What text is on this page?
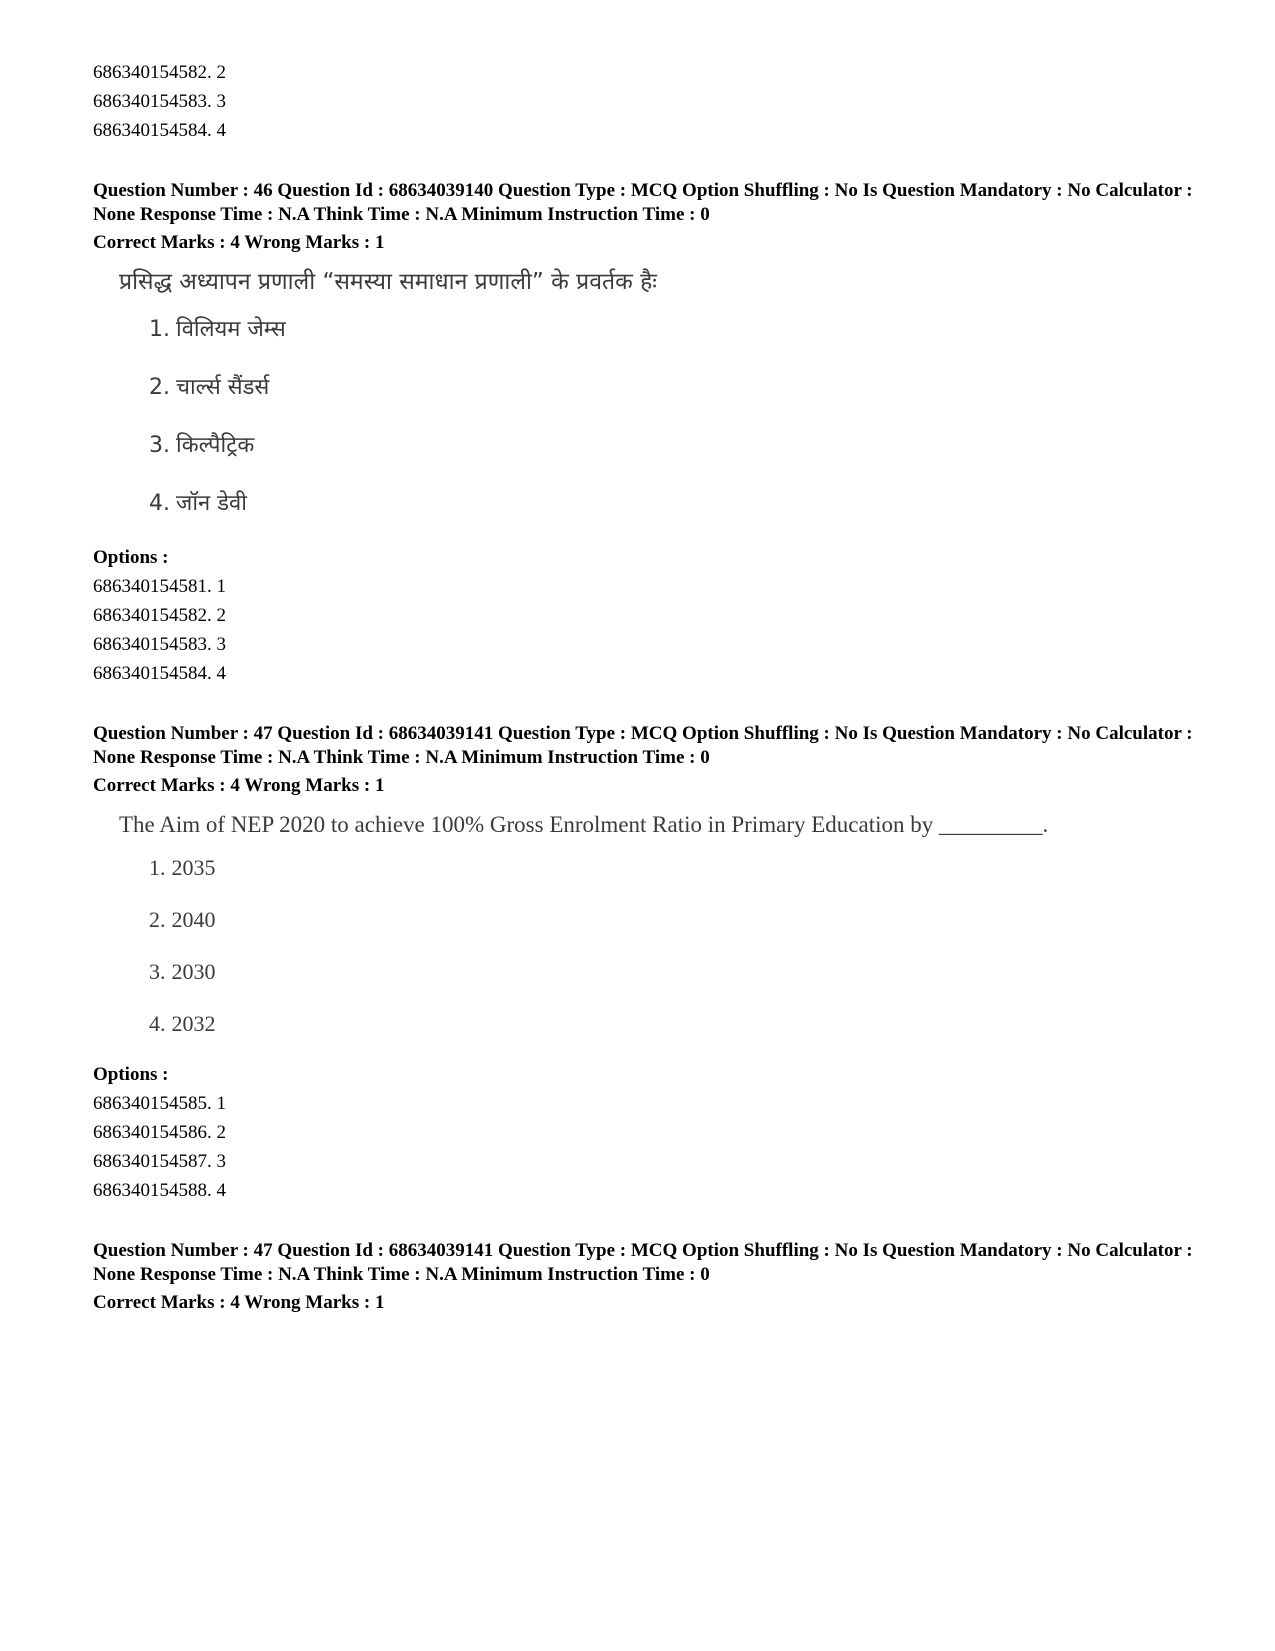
686340154582. 2
686340154583. 3
686340154584. 4
Question Number : 46 Question Id : 68634039140 Question Type : MCQ Option Shuffling : No Is Question Mandatory : No Calculator : None Response Time : N.A Think Time : N.A Minimum Instruction Time : 0
Correct Marks : 4 Wrong Marks : 1
प्रसिद्ध अध्यापन प्रणाली “समस्या समाधान प्रणाली” के प्रवर्तक हैः
1. विलियम जेम्स
2. चार्ल्स सैंडर्स
3. किल्पैट्रिक
4. जॉन डेवी
Options :
686340154581. 1
686340154582. 2
686340154583. 3
686340154584. 4
Question Number : 47 Question Id : 68634039141 Question Type : MCQ Option Shuffling : No Is Question Mandatory : No Calculator : None Response Time : N.A Think Time : N.A Minimum Instruction Time : 0
Correct Marks : 4 Wrong Marks : 1
The Aim of NEP 2020 to achieve 100% Gross Enrolment Ratio in Primary Education by _________.
1. 2035
2. 2040
3. 2030
4. 2032
Options :
686340154585. 1
686340154586. 2
686340154587. 3
686340154588. 4
Question Number : 47 Question Id : 68634039141 Question Type : MCQ Option Shuffling : No Is Question Mandatory : No Calculator : None Response Time : N.A Think Time : N.A Minimum Instruction Time : 0
Correct Marks : 4 Wrong Marks : 1
